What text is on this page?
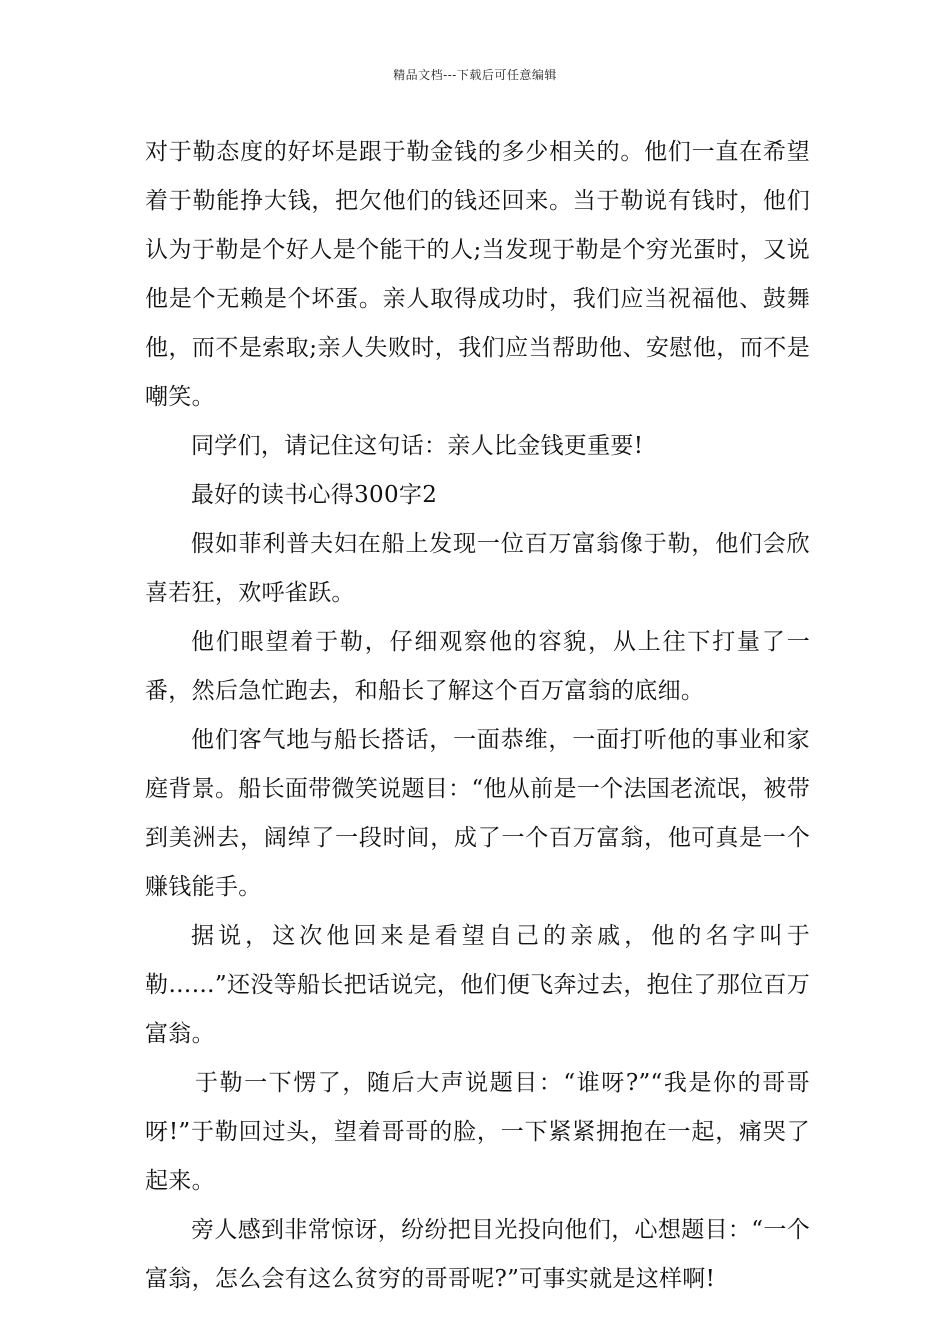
精品文档---下载后可任意编辑

对于勒态度的好坏是跟于勒金钱的多少相关的。他们一直在希望着于勒能挣大钱，把欠他们的钱还回来。当于勒说有钱时，他们认为于勒是个好人是个能干的人;当发现于勒是个穷光蛋时，又说他是个无赖是个坏蛋。亲人取得成功时，我们应当祝福他、鼓舞他，而不是索取;亲人失败时，我们应当帮助他、安慰他，而不是嘲笑。

同学们，请记住这句话：亲人比金钱更重要!

最好的读书心得300字2

假如菲利普夫妇在船上发现一位百万富翁像于勒，他们会欣喜若狂，欢呼雀跃。

他们眼望着于勒，仔细观察他的容貌，从上往下打量了一番，然后急忙跑去，和船长了解这个百万富翁的底细。

他们客气地与船长搭话，一面恭维，一面打听他的事业和家庭背景。船长面带微笑说题目：“他从前是一个法国老流氓，被带到美洲去，阔绰了一段时间，成了一个百万富翁，他可真是一个赚钱能手。

据说，这次他回来是看望自己的亲戚，他的名字叫于勒……”还没等船长把话说完，他们便飞奔过去，抱住了那位百万富翁。

于勒一下愣了，随后大声说题目：“谁呀?”“我是你的哥哥呀!”于勒回过头，望着哥哥的脸，一下紧紧拥抱在一起，痛哭了起来。

旁人感到非常惊讶，纷纷把目光投向他们，心想题目：“一个富翁，怎么会有这么贫穷的哥哥呢?”可事实就是这样啊!
